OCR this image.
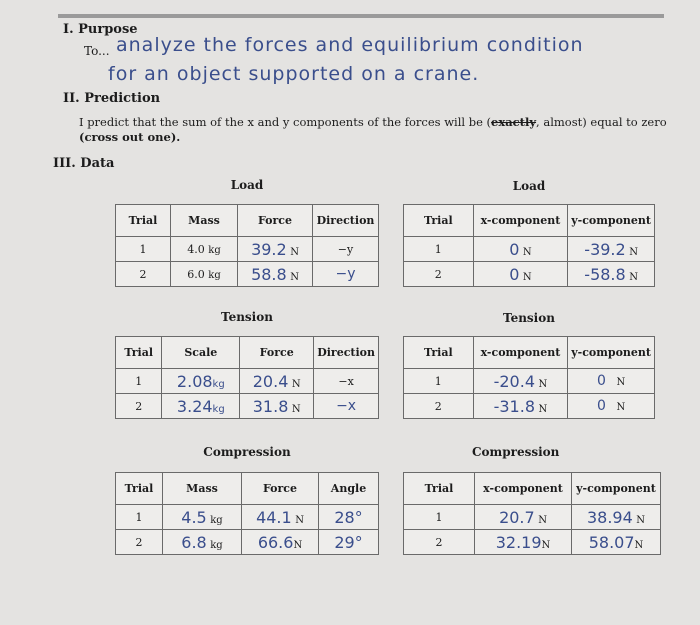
I. Purpose
To... analyze the forces and equilibrium condition
for an object supported on a crane.
II. Prediction
I predict that the sum of the x and y components of the forces will be (exactly, almost) equal to zero
(cross out one).
III. Data
Load	Load
Tension	Tension
Compression	Compression
Trial	Mass	Force	Direction
1	4.0 kg	39.2 N	−y
2	6.0 kg	58.8 N	−y
Trial	x-component	y-component
1	0 N	-39.2 N
2	0 N	-58.8 N
Trial	Scale	Force	Direction
1	2.08kg	20.4 N	−x
2	3.24kg	31.8 N	−x
Trial	x-component	y-component
1	-20.4 N	0 N
2	-31.8 N	0 N
Trial	Mass	Force	Angle
1	4.5 kg	44.1 N	28°
2	6.8 kg	66.6N	29°
Trial	x-component	y-component
1	20.7 N	38.94 N
2	32.19N	58.07N
